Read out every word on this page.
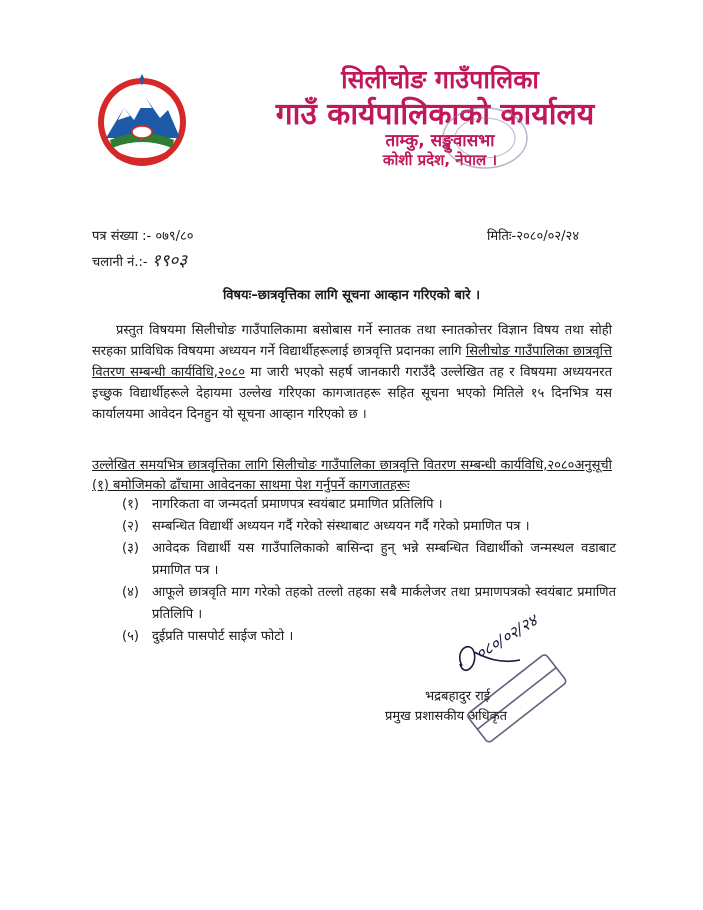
सिलीचोङ गाउँपालिका
गाउँ कार्यपालिकाको कार्यालय
ताम्कु, सङ्खुवासभा
कोशी प्रदेश, नेपाल ।
पत्र संख्या :- ०७९/८०
चलानी नं.:- १९०३
मितिः-२०८०/०२/२४
विषयः–छात्रवृत्तिका लागि सूचना आव्हान गरिएको बारे ।

प्रस्तुत विषयमा सिलीचोङ गाउँपालिकामा बसोबास गर्ने स्नातक तथा स्नातकोत्तर विज्ञान विषय तथा सोही सरहका प्राविधिक विषयमा अध्ययन गर्ने विद्यार्थीहरूलाई छात्रवृत्ति प्रदानका लागि सिलीचोङ गाउँपालिका छात्रवृत्ति वितरण सम्बन्धी कार्यविधि,२०८० मा जारी भएको सहर्ष जानकारी गराउँदै उल्लेखित तह र विषयमा अध्ययनरत इच्छुक विद्यार्थीहरूले देहायमा उल्लेख गरिएका कागजातहरू सहित सूचना भएको मितिले १५ दिनभित्र यस कार्यालयमा आवेदन दिनहुन यो सूचना आव्हान गरिएको छ ।

उल्लेखित समयभित्र छात्रवृत्तिका लागि सिलीचोङ गाउँपालिका छात्रवृत्ति वितरण सम्बन्धी कार्यविधि,२०८०अनुसूची (१) बमोजिमको ढाँचामा आवेदनका साथमा पेश गर्नुपर्ने कागजातहरूः
(१)	नागरिकता वा जन्मदर्ता प्रमाणपत्र स्वयंबाट प्रमाणित प्रतिलिपि ।
(२)	सम्बन्धित विद्यार्थी अध्ययन गर्दै गरेको संस्थाबाट अध्ययन गर्दै गरेको प्रमाणित पत्र ।
(३)	आवेदक विद्यार्थी यस गाउँपालिकाको बासिन्दा हुन् भन्ने सम्बन्धित विद्यार्थीको जन्मस्थल वडाबाट प्रमाणित पत्र ।
(४)	आफूले छात्रवृति माग गरेको तहको तल्लो तहका सबै मार्कलेजर तथा प्रमाणपत्रको स्वयंबाट प्रमाणित प्रतिलिपि ।
(५)	दुईप्रति पासपोर्ट साईज फोटो ।	०८०/०२/२४
भद्रबहादुर राई
प्रमुख प्रशासकीय अधिकृत
